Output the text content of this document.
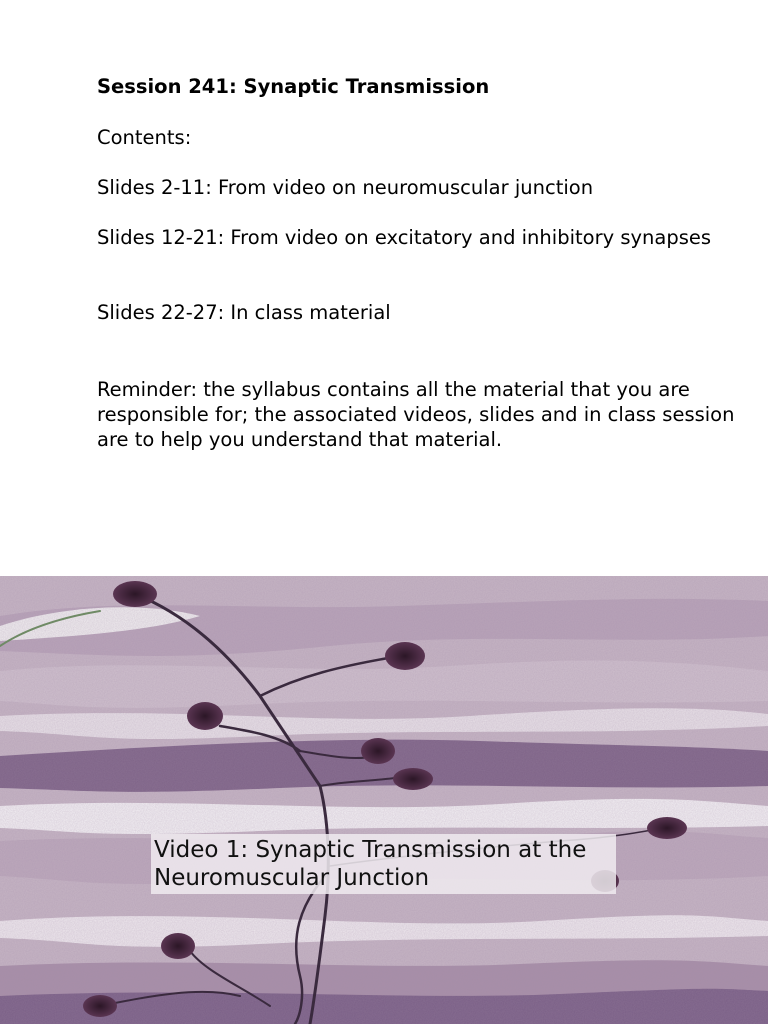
Session 241: Synaptic Transmission
Contents:
Slides 2-11: From video on neuromuscular junction
Slides 12-21: From video on excitatory and inhibitory synapses
Slides 22-27: In class material
Reminder: the syllabus contains all the material that you are responsible for; the associated videos, slides and in class session are to help you understand that material.
Video 1: Synaptic Transmission at the Neuromuscular Junction
